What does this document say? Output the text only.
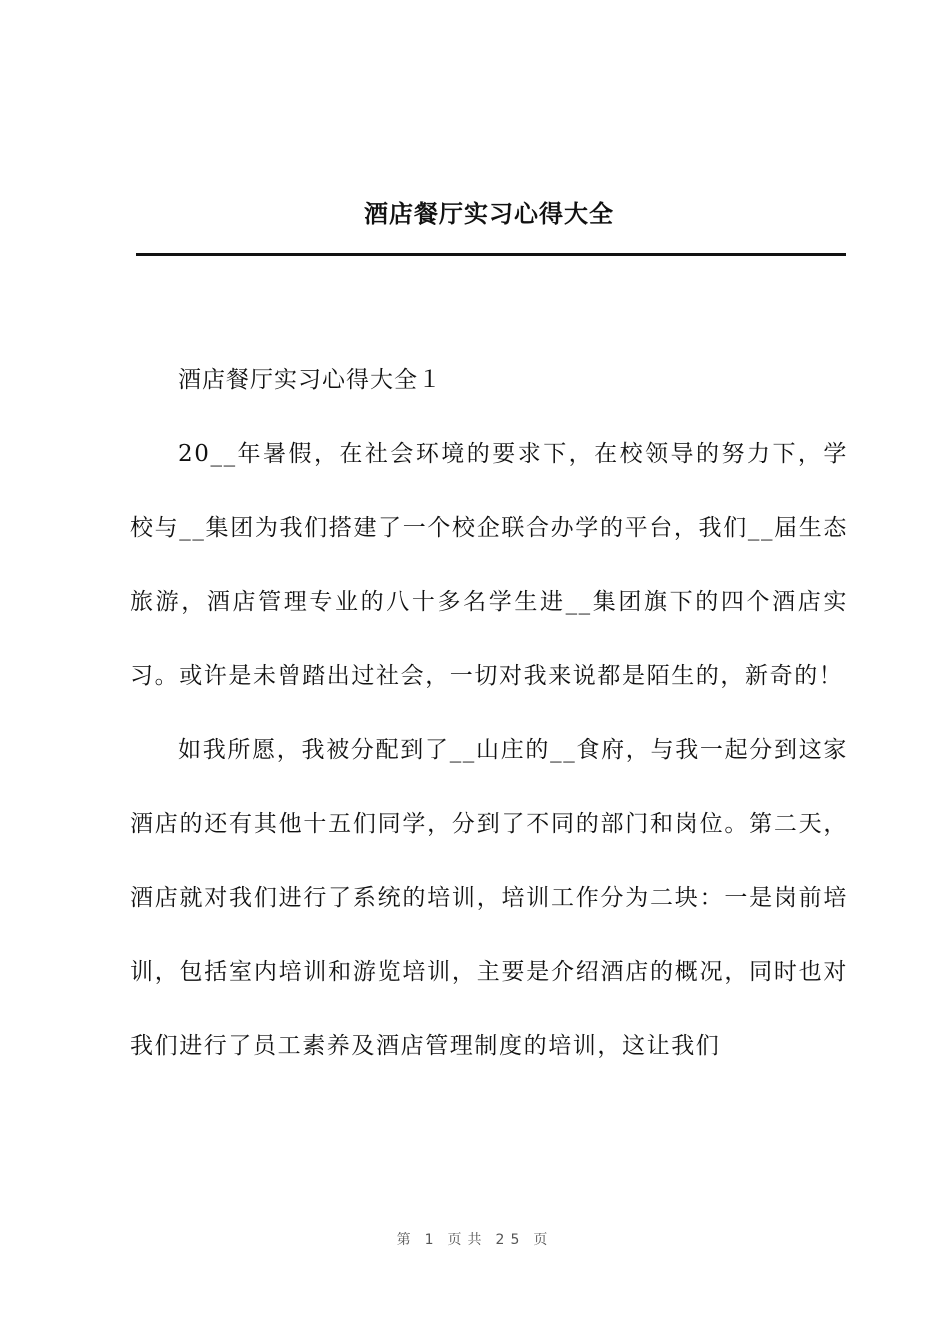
酒店餐厅实习心得大全

酒店餐厅实习心得大全１

20__年暑假，在社会环境的要求下，在校领导的努力下，学校与__集团为我们搭建了一个校企联合办学的平台，我们__届生态旅游，酒店管理专业的八十多名学生进__集团旗下的四个酒店实习。或许是未曾踏出过社会，一切对我来说都是陌生的，新奇的！

如我所愿，我被分配到了__山庄的__食府，与我一起分到这家酒店的还有其他十五们同学，分到了不同的部门和岗位。第二天，酒店就对我们进行了系统的培训，培训工作分为二块：一是岗前培训，包括室内培训和游览培训，主要是介绍酒店的概况，同时也对我们进行了员工素养及酒店管理制度的培训，这让我们

第 1 页共 25 页
